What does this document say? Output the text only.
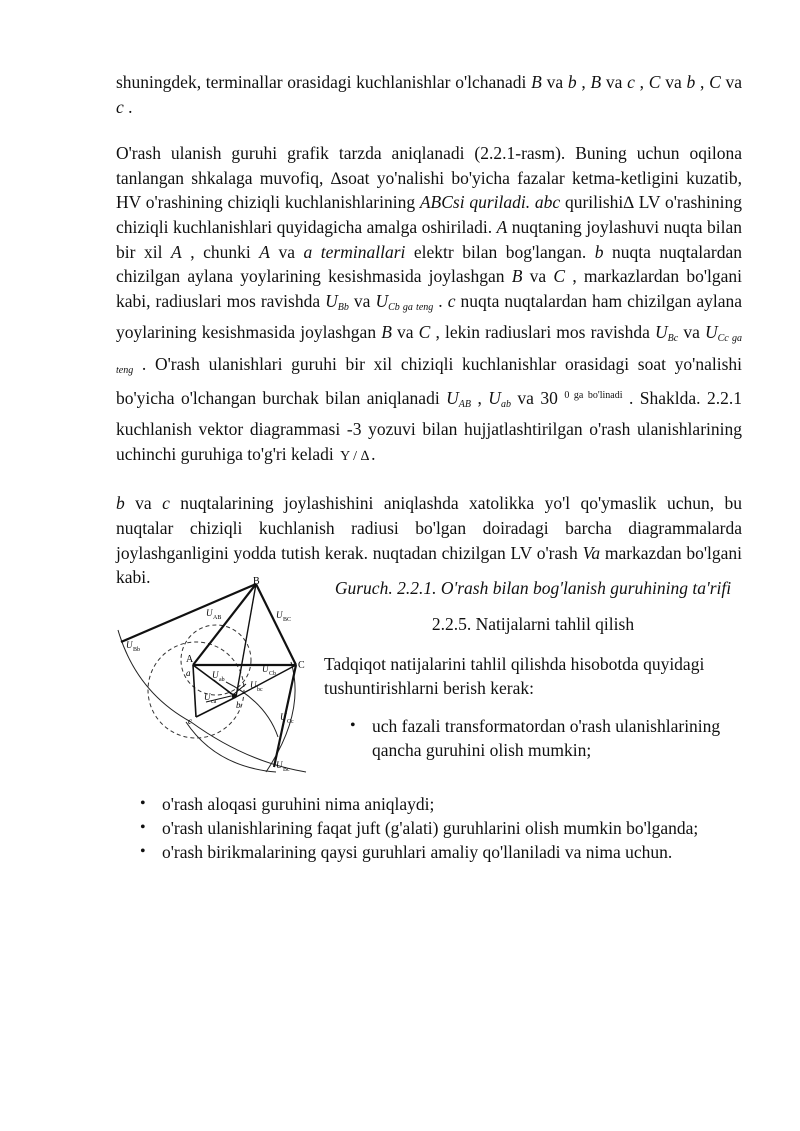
shuningdek, terminallar orasidagi kuchlanishlar o'lchanadi B va b , B va c , C va b , C va c .

O'rash ulanish guruhi grafik tarzda aniqlanadi (2.2.1-rasm). Buning uchun oqilona tanlangan shkalaga muvofiq, ∆soat yo'nalishi bo'yicha fazalar ketma-ketligini kuzatib, HV o'rashining chiziqli kuchlanishlarining ABCsi quriladi. abc qurilishi∆ LV o'rashining chiziqli kuchlanishlari quyidagicha amalga oshiriladi. A nuqtaning joylashuvi nuqta bilan bir xil A , chunki A va a terminallari elektr bilan bog'langan. b nuqta nuqtalardan chizilgan aylana yoylarining kesishmasida joylashgan B va C , markazlardan bo'lgani kabi, radiuslari mos ravishda $U_{Bb}$ va $U_{Cb ga teng}$ . c nuqta nuqtalardan ham chizilgan aylana yoylarining kesishmasida joylashgan B va C , lekin radiuslari mos ravishda $U_{Bc}$ va $U_{Cc ga teng}$ . O'rash ulanishlari guruhi bir xil chiziqli kuchlanishlar orasidagi soat yo'nalishi bo'yicha o'lchangan burchak bilan aniqlanadi $U_{AB}$ , $U_{ab}$ va 30 $^{0 ga bo'linadi}$ . Shaklda. 2.2.1 kuchlanish vektor diagrammasi -3 yozuvi bilan hujjatlashtirilgan o'rash ulanishlarining uchinchi guruhiga to'g'ri keladi Y / ∆ .

b va c nuqtalarining joylashishini aniqlashda xatolikka yo'l qo'ymaslik uchun, bu nuqtalar chiziqli kuchlanish radiusi bo'lgan doiradagi barcha diagrammalarda joylashganligini yodda tutish kerak. nuqtadan chizilgan LV o'rash Va markazdan bo'lgani kabi.	B
C
A
a
b
c
U AB	U BC
U Bb
U Cb
U Cc
U Bc
U ab
U ca
U bc

Guruch. 2.2.1. O'rash bilan bog'lanish guruhining ta'rifi

2.2.5. Natijalarni tahlil qilish

Tadqiqot natijalarini tahlil qilishda hisobotda quyidagi tushuntirishlarni berish kerak:

• uch fazali transformatordan o'rash ulanishlarining qancha guruhini olish mumkin;
• o'rash aloqasi guruhini nima aniqlaydi;
• o'rash ulanishlarining faqat juft (g'alati) guruhlarini olish mumkin bo'lganda;
• o'rash birikmalarining qaysi guruhlari amaliy qo'llaniladi va nima uchun.
